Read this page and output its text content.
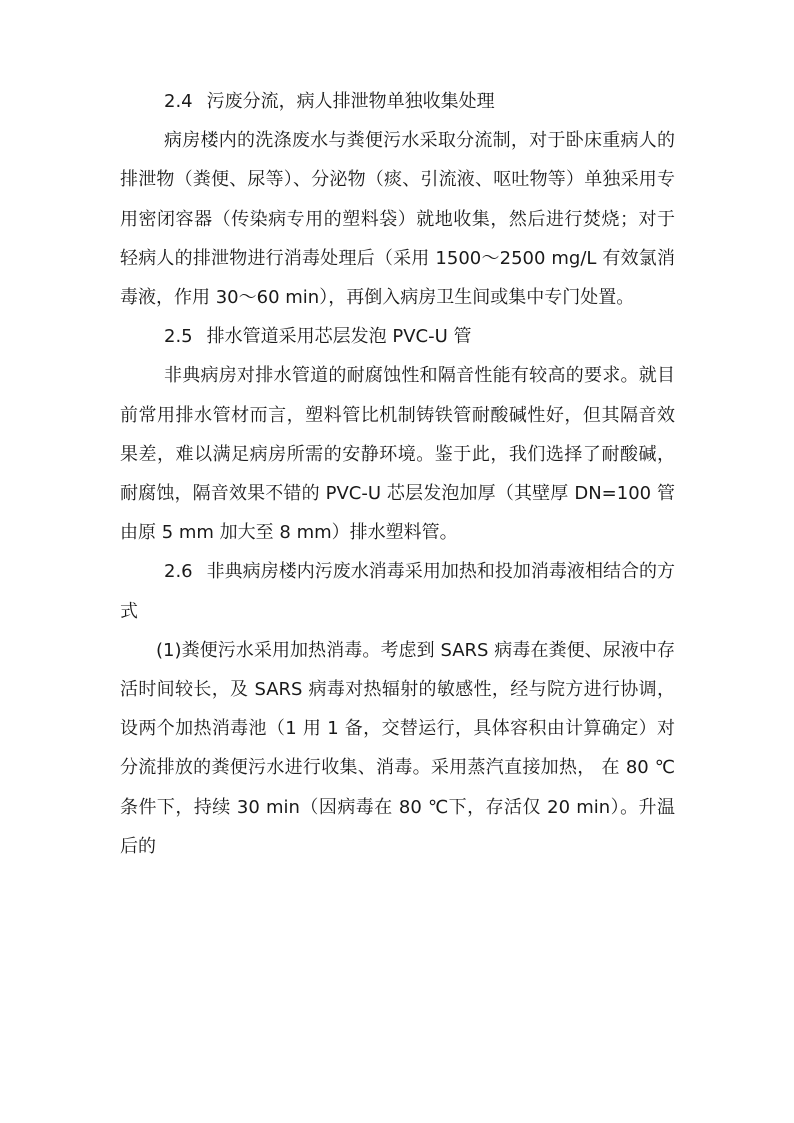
2.4 污废分流，病人排泄物单独收集处理

病房楼内的洗涤废水与粪便污水采取分流制，对于卧床重病人的排泄物（粪便、尿等）、分泌物（痰、引流液、呕吐物等）单独采用专用密闭容器（传染病专用的塑料袋）就地收集，然后进行焚烧；对于轻病人的排泄物进行消毒处理后（采用 1500～2500 mg/L 有效氯消毒液，作用 30～60 min），再倒入病房卫生间或集中专门处置。

2.5 排水管道采用芯层发泡 PVC-U 管

非典病房对排水管道的耐腐蚀性和隔音性能有较高的要求。就目前常用排水管材而言，塑料管比机制铸铁管耐酸碱性好，但其隔音效果差，难以满足病房所需的安静环境。鉴于此，我们选择了耐酸碱，耐腐蚀，隔音效果不错的 PVC-U 芯层发泡加厚（其壁厚 DN=100 管由原 5 mm 加大至 8 mm）排水塑料管。

2.6 非典病房楼内污废水消毒采用加热和投加消毒液相结合的方式

(1)粪便污水采用加热消毒。考虑到 SARS 病毒在粪便、尿液中存活时间较长，及 SARS 病毒对热辐射的敏感性，经与院方进行协调，设两个加热消毒池（1 用 1 备，交替运行，具体容积由计算确定）对分流排放的粪便污水进行收集、消毒。采用蒸汽直接加热， 在 80 ℃条件下，持续 30 min（因病毒在 80 ℃下，存活仅 20 min）。升温后的
